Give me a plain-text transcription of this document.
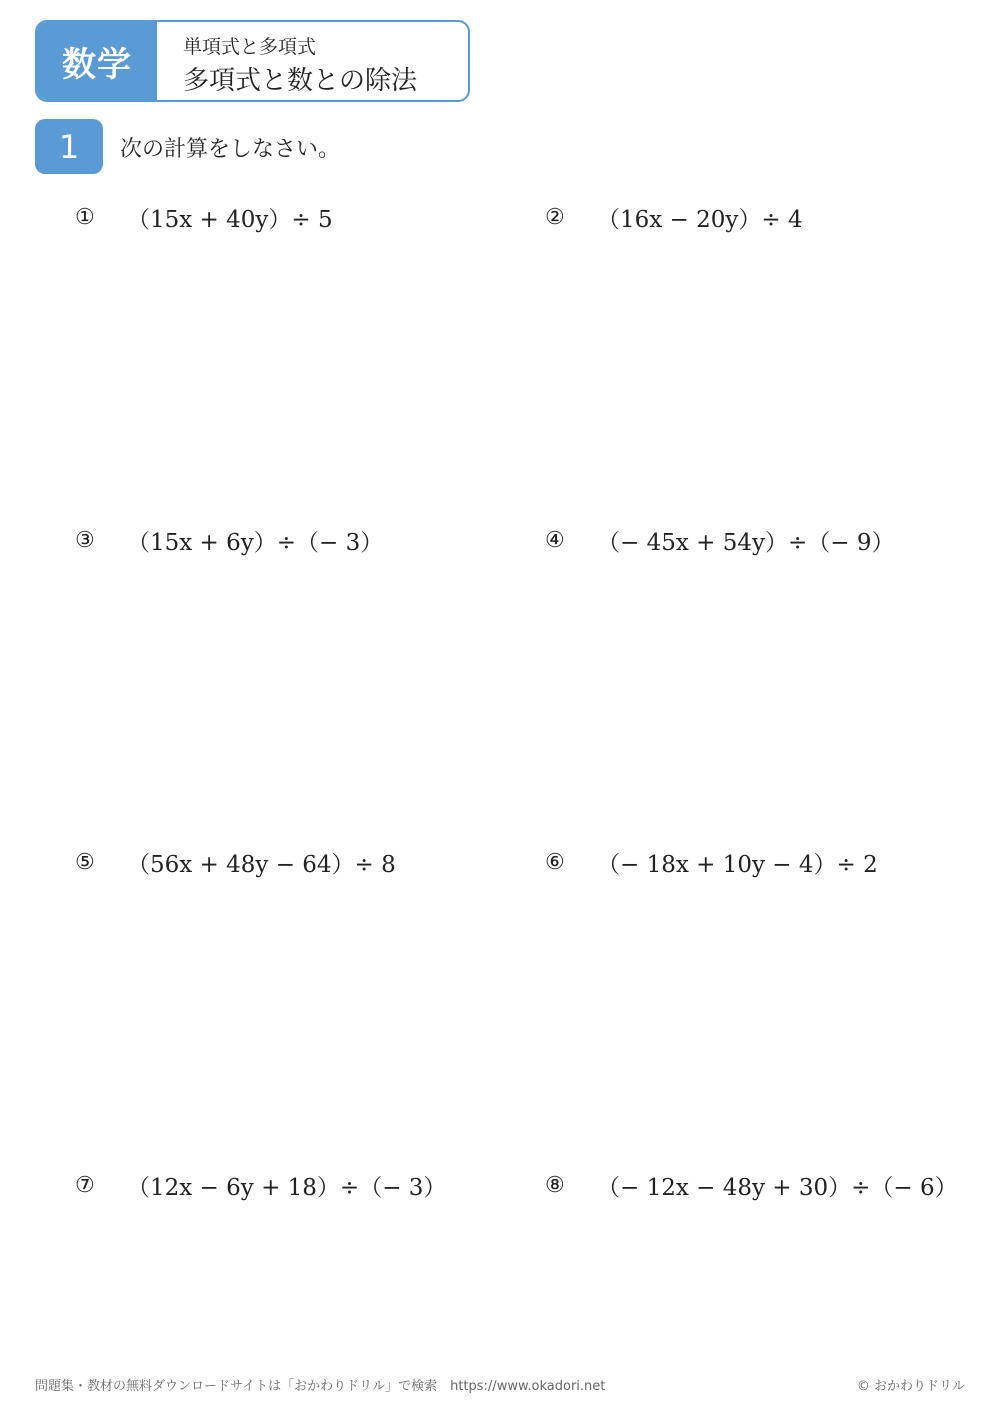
数学	単項式と多項式
多項式と数との除法
1	次の計算をしなさい。
①	（15x + 40y）÷ 5	②	（16x − 20y）÷ 4
③	（15x + 6y）÷（− 3）	④	（− 45x + 54y）÷（− 9）
⑤	（56x + 48y − 64）÷ 8	⑥	（− 18x + 10y − 4）÷ 2
⑦	（12x − 6y + 18）÷（− 3）	⑧	（− 12x − 48y + 30）÷（− 6）
問題集・教材の無料ダウンロードサイトは「おかわりドリル」で検索　https://www.okadori.net	© おかわりドリル
